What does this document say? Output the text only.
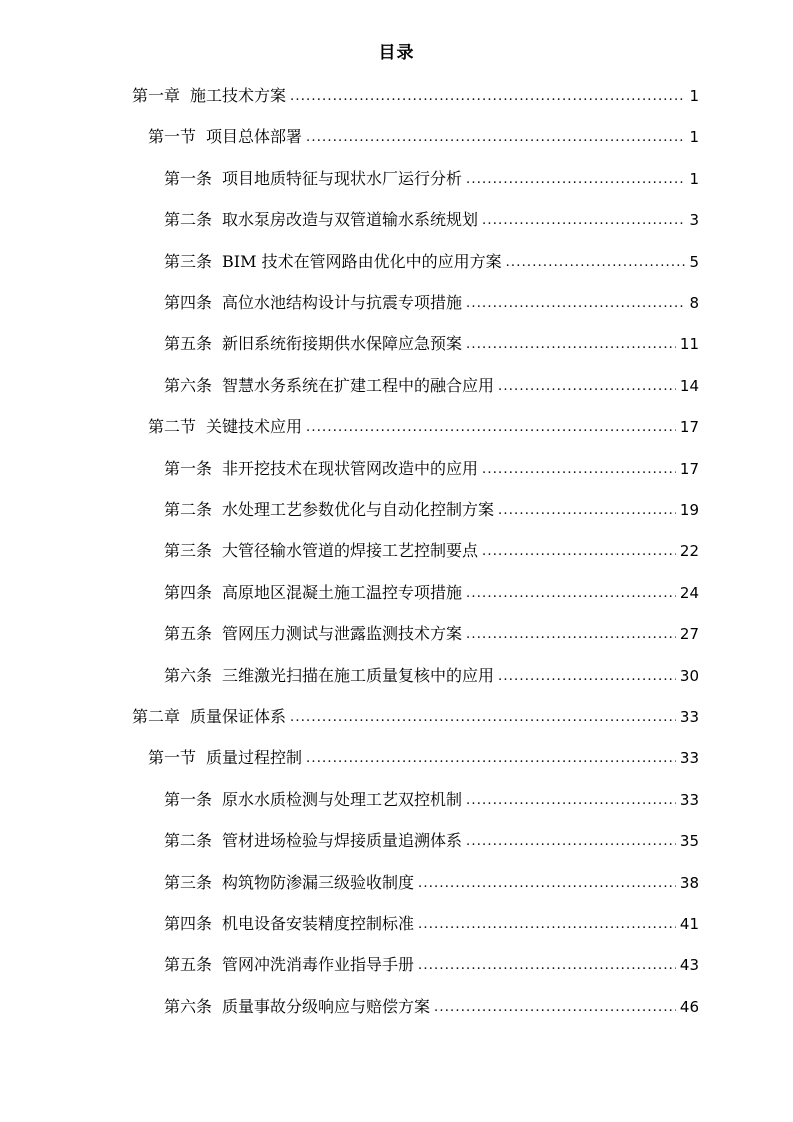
目录
第一章 施工技术方案 .....	1
第一节 项目总体部署 .....	1
第一条 项目地质特征与现状水厂运行分析 .....	1
第二条 取水泵房改造与双管道输水系统规划 .....	3
第三条 BIM 技术在管网路由优化中的应用方案 .....	5
第四条 高位水池结构设计与抗震专项措施 .....	8
第五条 新旧系统衔接期供水保障应急预案 .....	11
第六条 智慧水务系统在扩建工程中的融合应用 .....	14
第二节 关键技术应用 .....	17
第一条 非开挖技术在现状管网改造中的应用 .....	17
第二条 水处理工艺参数优化与自动化控制方案 .....	19
第三条 大管径输水管道的焊接工艺控制要点 .....	22
第四条 高原地区混凝土施工温控专项措施 .....	24
第五条 管网压力测试与泄露监测技术方案 .....	27
第六条 三维激光扫描在施工质量复核中的应用 .....	30
第二章 质量保证体系 .....	33
第一节 质量过程控制 .....	33
第一条 原水水质检测与处理工艺双控机制 .....	33
第二条 管材进场检验与焊接质量追溯体系 .....	35
第三条 构筑物防渗漏三级验收制度 .....	38
第四条 机电设备安装精度控制标准 .....	41
第五条 管网冲洗消毒作业指导手册 .....	43
第六条 质量事故分级响应与赔偿方案 .....	46
